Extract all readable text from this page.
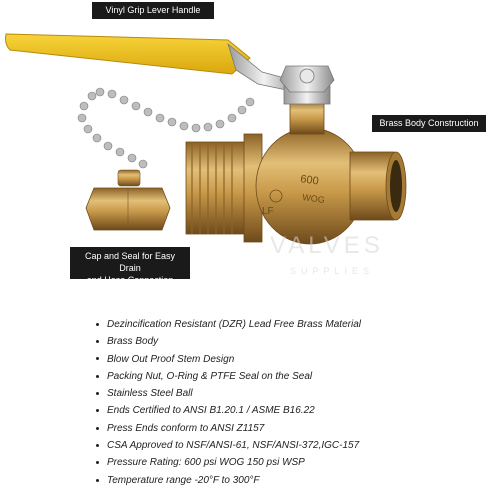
600
WOG
LF
VALVES
SUPPLIES
Vinyl Grip Lever Handle
Brass Body Construction
Cap and Seal for Easy Drain
and Hose Connection
Dezincification Resistant (DZR) Lead Free Brass Material
Brass Body
Blow Out Proof Stem Design
Packing Nut, O-Ring & PTFE Seal on the Seal
Stainless Steel Ball
Ends Certified to ANSI B1.20.1 / ASME B16.22
Press Ends conform to ANSI Z1157
CSA Approved to NSF/ANSI-61, NSF/ANSI-372,IGC-157
Pressure Rating: 600 psi WOG 150 psi WSP
Temperature range -20°F to 300°F
